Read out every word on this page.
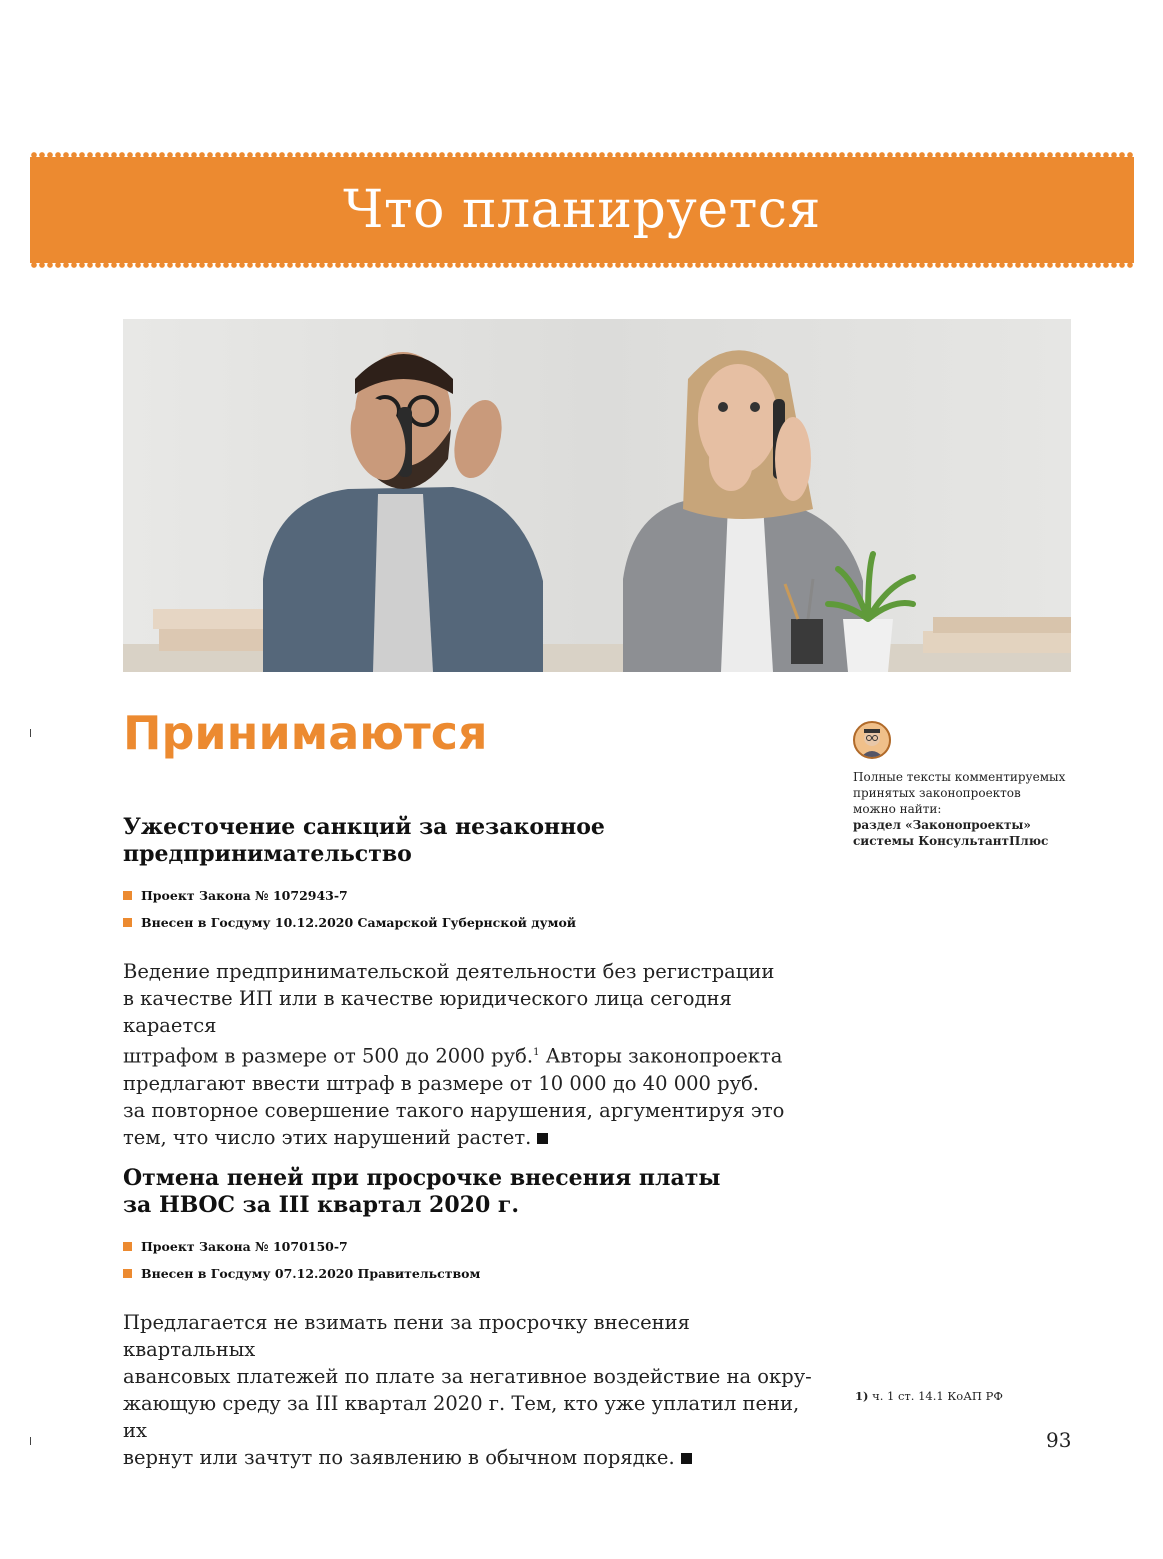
Что планируется
Принимаются
Ужесточение санкций за незаконное
предпринимательство
Проект Закона № 1072943-7
Внесен в Госдуму 10.12.2020 Самарской Губернской думой
Ведение предпринимательской деятельности без регистрации
в качестве ИП или в качестве юридического лица сегодня карается
штрафом в размере от 500 до 2000 руб.$^1$ Авторы законопроекта
предлагают ввести штраф в размере от 10 000 до 40 000 руб.
за повторное совершение такого нарушения, аргументируя это
тем, что число этих нарушений растет.
Отмена пеней при просрочке внесения платы
за НВОС за III квартал 2020 г.
Проект Закона № 1070150-7
Внесен в Госдуму 07.12.2020 Правительством
Предлагается не взимать пени за просрочку внесения квартальных
авансовых платежей по плате за негативное воздействие на окру-
жающую среду за III квартал 2020 г. Тем, кто уже уплатил пени, их
вернут или зачтут по заявлению в обычном порядке.
Полные тексты комментируемых
принятых законопроектов
можно найти:
раздел «Законопроекты»
системы КонсультантПлюс
1) ч. 1 ст. 14.1 КоАП РФ
93
